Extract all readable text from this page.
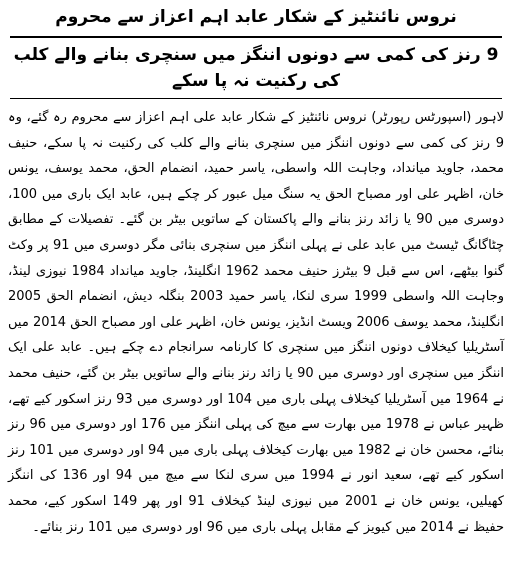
نروس نائنٹیز کے شکار عابد اہم اعزاز سے محروم
9 رنز کی کمی سے دونوں اننگز میں سنچری بنانے والے کلب کی رکنیت نہ پا سکے

لاہور (اسپورٹس رپورٹر) نروس نائنٹیز کے شکار عابد علی اہم اعزاز سے محروم رہ گئے، وہ 9 رنز کی کمی سے دونوں اننگز میں سنچری بنانے والے کلب کی رکنیت نہ پا سکے، حنیف محمد، جاوید میانداد، وجاہت اللہ واسطی، یاسر حمید، انضمام الحق، محمد یوسف، یونس خان، اظہر علی اور مصباح الحق یہ سنگ میل عبور کر چکے ہیں، عابد ایک باری میں 100، دوسری میں 90 یا زائد رنز بنانے والے پاکستان کے ساتویں بیٹر بن گئے۔ تفصیلات کے مطابق چٹاگانگ ٹیسٹ میں عابد علی نے پہلی اننگز میں سنچری بنائی مگر دوسری میں 91 پر وکٹ گنوا بیٹھے، اس سے قبل 9 بیٹرز حنیف محمد 1962 انگلینڈ، جاوید میانداد 1984 نیوزی لینڈ، وجاہت اللہ واسطی 1999 سری لنکا، یاسر حمید 2003 بنگلہ دیش، انضمام الحق 2005 انگلینڈ، محمد یوسف 2006 ویسٹ انڈیز، یونس خان، اظہر علی اور مصباح الحق 2014 میں آسٹریلیا کیخلاف دونوں اننگز میں سنچری کا کارنامہ سرانجام دے چکے ہیں۔ عابد علی ایک اننگز میں سنچری اور دوسری میں 90 یا زائد رنز بنانے والے ساتویں بیٹر بن گئے، حنیف محمد نے 1964 میں آسٹریلیا کیخلاف پہلی باری میں 104 اور دوسری میں 93 رنز اسکور کیے تھے، ظہیر عباس نے 1978 میں بھارت سے میچ کی پہلی اننگز میں 176 اور دوسری میں 96 رنز بنائے، محسن خان نے 1982 میں بھارت کیخلاف پہلی باری میں 94 اور دوسری میں 101 رنز اسکور کیے تھے، سعید انور نے 1994 میں سری لنکا سے میچ میں 94 اور 136 کی اننگز کھیلیں، یونس خان نے 2001 میں نیوزی لینڈ کیخلاف 91 اور پھر 149 اسکور کیے، محمد حفیظ نے 2014 میں کیویز کے مقابل پہلی باری میں 96 اور دوسری میں 101 رنز بنائے۔
